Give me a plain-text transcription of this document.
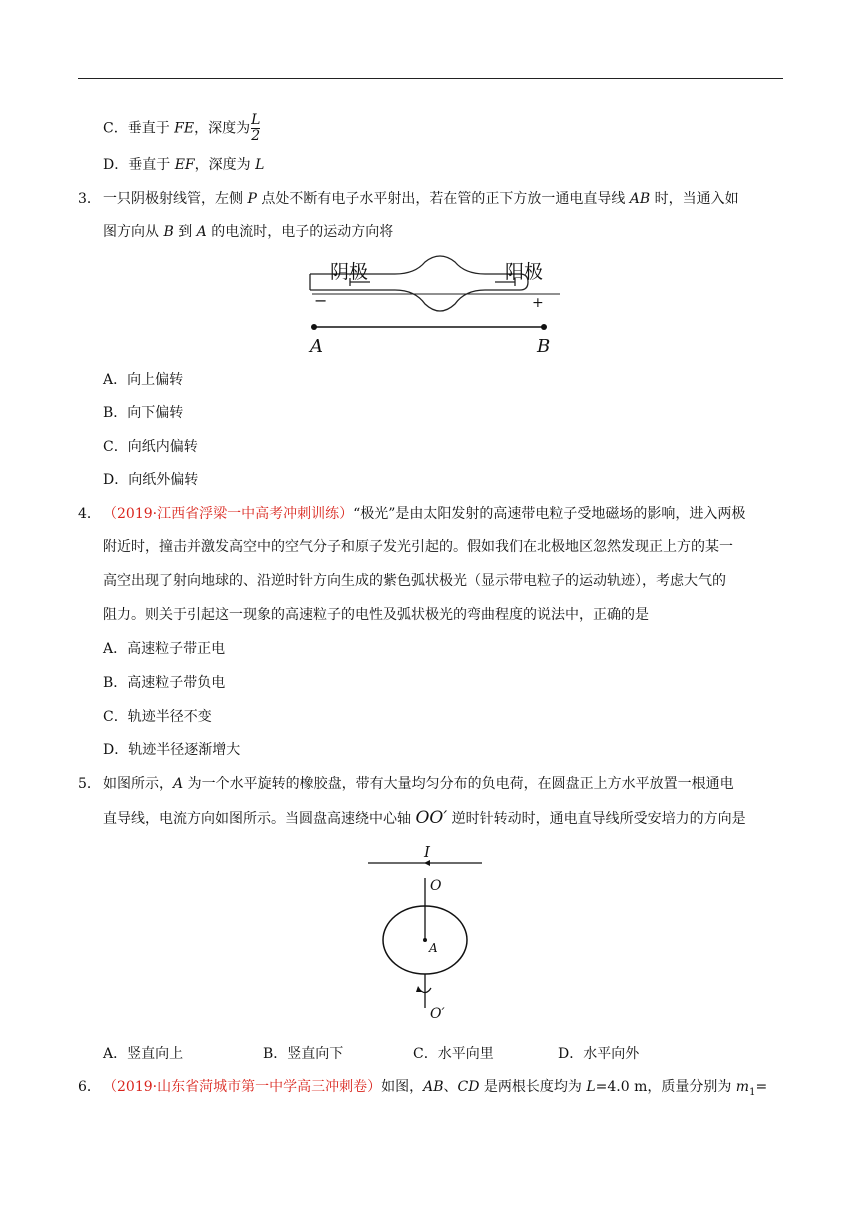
C．垂直于 FE，深度为 $\frac{L}{2}$
D．垂直于 EF，深度为 L
3． 一只阴极射线管，左侧 P 点处不断有电子水平射出，若在管的正下方放一通电直导线 AB 时，当通入如
图方向从 B 到 A 的电流时，电子的运动方向将
阴极	阳极
−	+
A	B
A．向上偏转
B．向下偏转
C．向纸内偏转
D．向纸外偏转
4． （2019·江西省浮梁一中高考冲刺训练）“极光”是由太阳发射的高速带电粒子受地磁场的影响，进入两极
附近时，撞击并激发高空中的空气分子和原子发光引起的。假如我们在北极地区忽然发现正上方的某一
高空出现了射向地球的、沿逆时针方向生成的紫色弧状极光（显示带电粒子的运动轨迹），考虑大气的
阻力。则关于引起这一现象的高速粒子的电性及弧状极光的弯曲程度的说法中，正确的是
A．高速粒子带正电
B．高速粒子带负电
C．轨迹半径不变
D．轨迹半径逐渐增大
5． 如图所示，A 为一个水平旋转的橡胶盘，带有大量均匀分布的负电荷，在圆盘正上方水平放置一根通电
直导线，电流方向如图所示。当圆盘高速绕中心轴 OO′ 逆时针转动时，通电直导线所受安培力的方向是
I
O
A
O′
A．竖直向上	B．竖直向下	C．水平向里	D．水平向外
6． （2019·山东省菏城市第一中学高三冲刺卷）如图，AB、CD 是两根长度均为 L=4.0 m，质量分别为 $m_1=$
